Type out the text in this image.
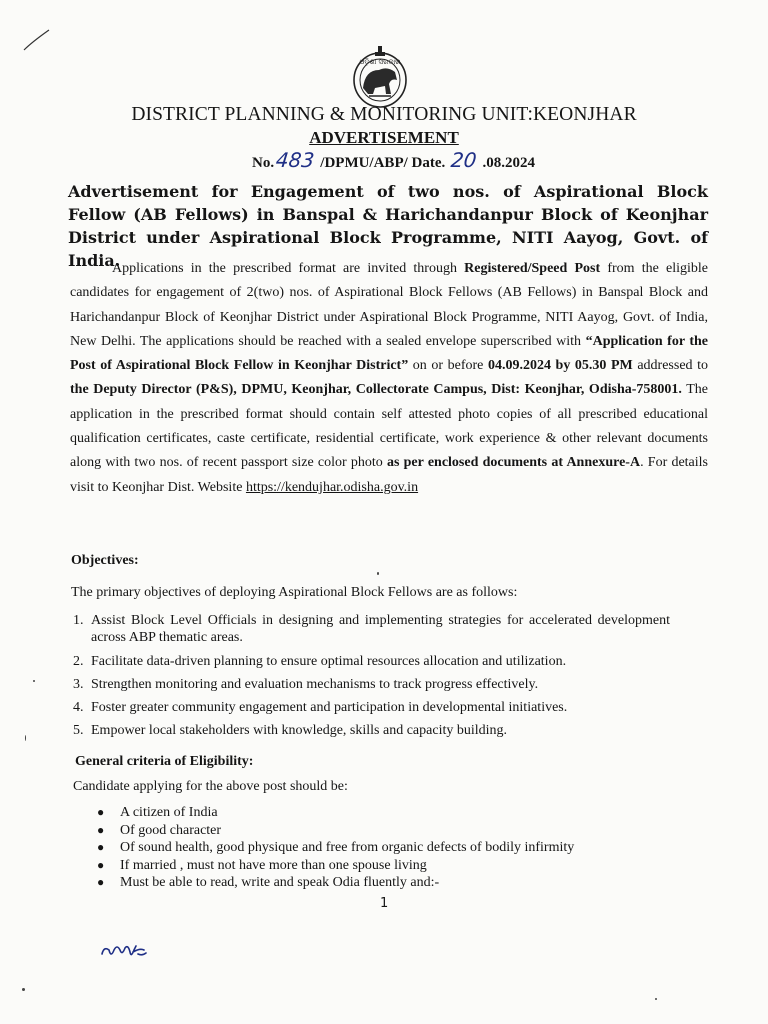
ଓଡ଼ିଶା ସରକାର
DISTRICT PLANNING & MONITORING UNIT:KEONJHAR
ADVERTISEMENT
No.483 /DPMU/ABP/ Date. 20 .08.2024
Advertisement for Engagement of two nos. of Aspirational Block Fellow (AB Fellows) in Banspal & Harichandanpur Block of Keonjhar District under Aspirational Block Programme, NITI Aayog, Govt. of India.
Applications in the prescribed format are invited through Registered/Speed Post from the eligible candidates for engagement of 2(two) nos. of Aspirational Block Fellows (AB Fellows) in Banspal Block and Harichandanpur Block of Keonjhar District under Aspirational Block Programme, NITI Aayog, Govt. of India, New Delhi. The applications should be reached with a sealed envelope superscribed with “Application for the Post of Aspirational Block Fellow in Keonjhar District” on or before 04.09.2024 by 05.30 PM addressed to the Deputy Director (P&S), DPMU, Keonjhar, Collectorate Campus, Dist: Keonjhar, Odisha-758001. The application in the prescribed format should contain self attested photo copies of all prescribed educational qualification certificates, caste certificate, residential certificate, work experience & other relevant documents along with two nos. of recent passport size color photo as per enclosed documents at Annexure-A. For details visit to Keonjhar Dist. Website https://kendujhar.odisha.gov.in
Objectives:
The primary objectives of deploying Aspirational Block Fellows are as follows:
1. Assist Block Level Officials in designing and implementing strategies for accelerated development across ABP thematic areas.
2. Facilitate data-driven planning to ensure optimal resources allocation and utilization.
3. Strengthen monitoring and evaluation mechanisms to track progress effectively.
4. Foster greater community engagement and participation in developmental initiatives.
5. Empower local stakeholders with knowledge, skills and capacity building.
General criteria of Eligibility:
Candidate applying for the above post should be:
● A citizen of India
● Of good character
● Of sound health, good physique and free from organic defects of bodily infirmity
● If married , must not have more than one spouse living
● Must be able to read, write and speak Odia fluently and:-
1
